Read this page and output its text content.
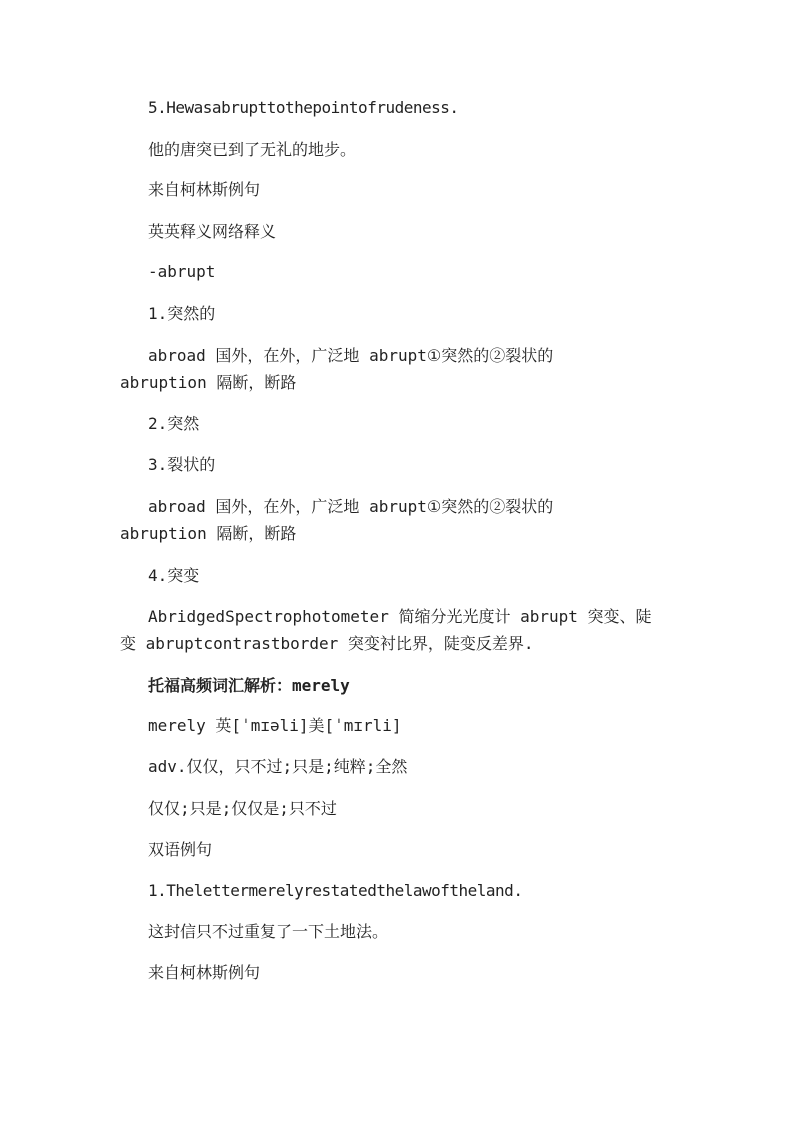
5.Hewasabrupttothepointofrudeness.
他的唐突已到了无礼的地步。
来自柯林斯例句
英英释义网络释义
-abrupt
1.突然的
abroad 国外，在外，广泛地 abrupt①突然的②裂状的
abruption 隔断，断路
2.突然
3.裂状的
abroad 国外，在外，广泛地 abrupt①突然的②裂状的
abruption 隔断，断路
4.突变
AbridgedSpectrophotometer 简缩分光光度计 abrupt 突变、陡
变 abruptcontrastborder 突变衬比界，陡变反差界.
托福高频词汇解析：merely
merely 英[ˈmɪəli]美[ˈmɪrli]
adv.仅仅，只不过;只是;纯粹;全然
仅仅;只是;仅仅是;只不过
双语例句
1.Thelettermerelyrestatedthelawoftheland.
这封信只不过重复了一下土地法。
来自柯林斯例句
